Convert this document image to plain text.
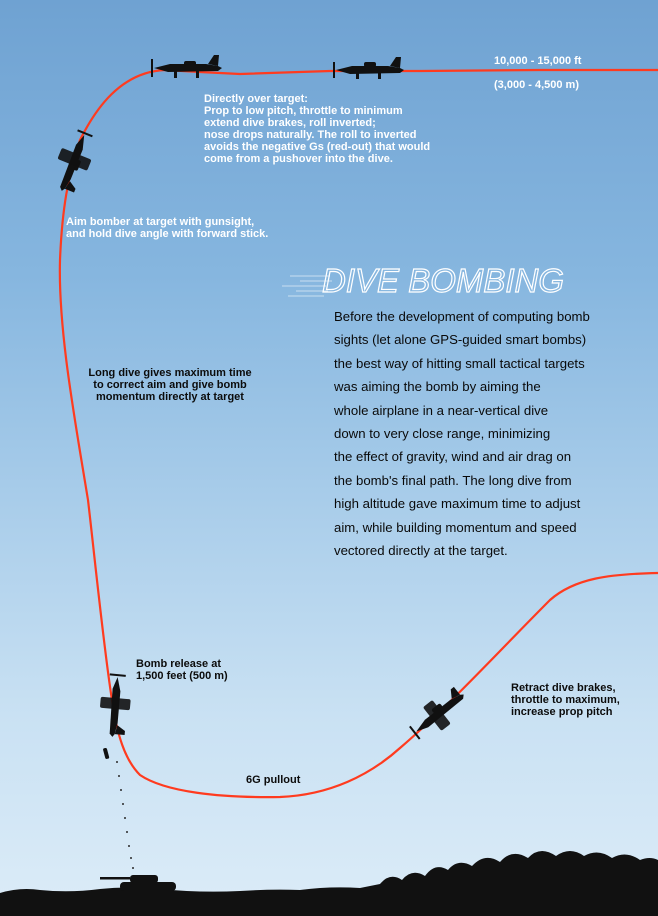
10,000 - 15,000 ft
(3,000 - 4,500 m)
Directly over target:
Prop to low pitch, throttle to minimum
extend dive brakes, roll inverted;
nose drops naturally. The roll to inverted
avoids the negative Gs (red-out) that would
come from a pushover into the dive.
Aim bomber at target with gunsight,
and hold dive angle with forward stick.
DIVE BOMBING
Before the development of computing bomb
sights (let alone GPS-guided smart bombs)
the best way of hitting small tactical targets
was aiming the bomb by aiming the
whole airplane in a near-vertical dive
down to very close range, minimizing
the effect of gravity, wind and air drag on
the bomb's final path. The long dive from
high altitude gave maximum time to adjust
aim, while building momentum and speed
vectored directly at the target.
Long dive gives maximum time
to correct aim and give bomb
momentum directly at target
Bomb release at
1,500 feet (500 m)
6G pullout
Retract dive brakes,
throttle to maximum,
increase prop pitch
